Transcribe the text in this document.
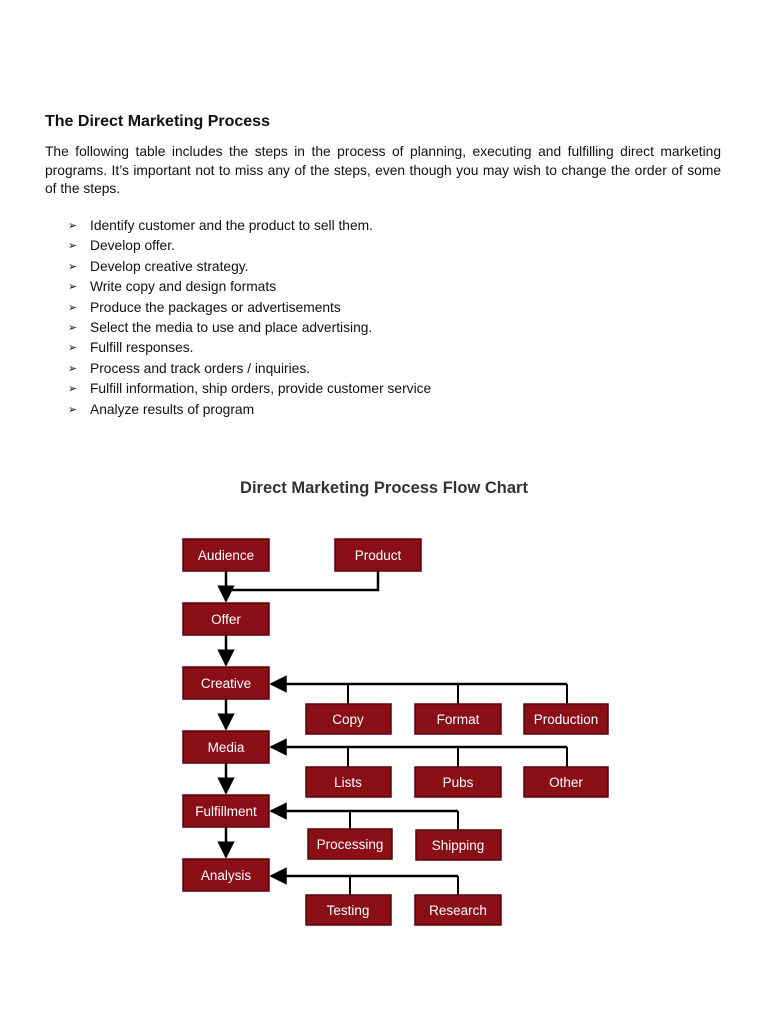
The Direct Marketing Process

The following table includes the steps in the process of planning, executing and fulfilling direct marketing programs. It’s important not to miss any of the steps, even though you may wish to change the order of some of the steps.

➢ Identify customer and the product to sell them.
➢ Develop offer.
➢ Develop creative strategy.
➢ Write copy and design formats
➢ Produce the packages or advertisements
➢ Select the media to use and place advertising.
➢ Fulfill responses.
➢ Process and track orders / inquiries.
➢ Fulfill information, ship orders, provide customer service
➢ Analyze results of program
Direct Marketing Process Flow Chart
Audience	Product
Offer
Creative
Media
Fulfillment
Analysis
Copy	Format	Production
Lists	Pubs	Other
Processing	Shipping
Testing	Research
